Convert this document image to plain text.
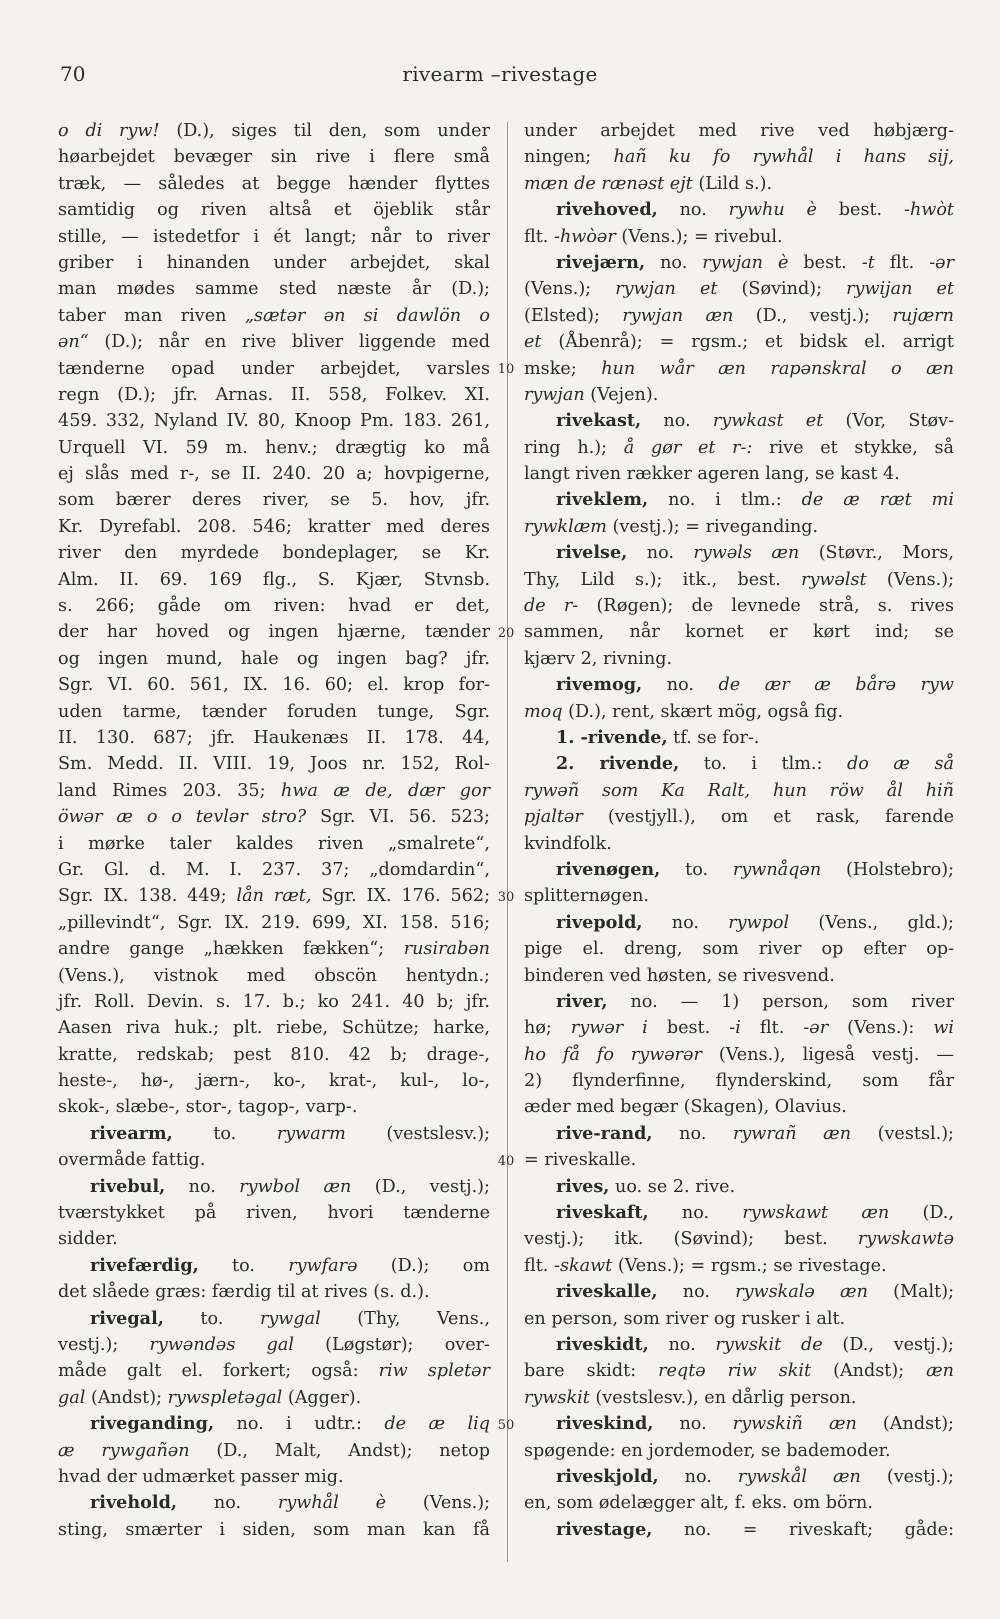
70	rivearm –rivestage
o di ryw! (D.), siges til den, som under
høarbejdet bevæger sin rive i flere små
træk, — således at begge hænder flyttes
samtidig og riven altså et öjeblik står
stille, — istedetfor i ét langt; når to river
griber i hinanden under arbejdet, skal
man mødes samme sted næste år (D.);
taber man riven „sætər ən si dawlön o
ən“ (D.); når en rive bliver liggende med
tænderne opad under arbejdet, varsles
regn (D.); jfr. Arnas. II. 558, Folkev. XI.
459. 332, Nyland IV. 80, Knoop Pm. 183. 261,
Urquell VI. 59 m. henv.; drægtig ko må
ej slås med r-, se II. 240. 20 a; hovpigerne,
som bærer deres river, se 5. hov, jfr.
Kr. Dyrefabl. 208. 546; kratter med deres
river den myrdede bondeplager, se Kr.
Alm. II. 69. 169 flg., S. Kjær, Stvnsb.
s. 266; gåde om riven: hvad er det,
der har hoved og ingen hjærne, tænder
og ingen mund, hale og ingen bag? jfr.
Sgr. VI. 60. 561, IX. 16. 60; el. krop for-
uden tarme, tænder foruden tunge, Sgr.
II. 130. 687; jfr. Haukenæs II. 178. 44,
Sm. Medd. II. VIII. 19, Joos nr. 152, Rol-
land Rimes 203. 35; hwa æ de, dær gor
öwər æ o o tevlər stro? Sgr. VI. 56. 523;
i mørke taler kaldes riven „smalrete“,
Gr. Gl. d. M. I. 237. 37; „domdardin“,
Sgr. IX. 138. 449; lån ræt, Sgr. IX. 176. 562;
„pillevindt“, Sgr. IX. 219. 699, XI. 158. 516;
andre gange „hækken fækken“; rusirabən
(Vens.), vistnok med obscön hentydn.;
jfr. Roll. Devin. s. 17. b.; ko 241. 40 b; jfr.
Aasen riva huk.; plt. riebe, Schütze; harke,
kratte, redskab; pest 810. 42 b; drage-,
heste-, hø-, jærn-, ko-, krat-, kul-, lo-,
skok-, slæbe-, stor-, tagop-, varp-.
rivearm, to. rywarm (vestslesv.);
overmåde fattig.
rivebul, no. rywbol æn (D., vestj.);
tværstykket på riven, hvori tænderne
sidder.
rivefærdig, to. rywfarə (D.); om
det slåede græs: færdig til at rives (s. d.).
rivegal, to. rywgal (Thy, Vens.,
vestj.); rywəndəs gal (Løgstør); over-
måde galt el. forkert; også: riw spletər
gal (Andst); rywspletəgal (Agger).
riveganding, no. i udtr.: de æ liq
æ rywgañən (D., Malt, Andst); netop
hvad der udmærket passer mig.
rivehold, no. rywhål è (Vens.);
sting, smærter i siden, som man kan få
under arbejdet med rive ved høbjærg-
ningen; hañ ku fo rywhål i hans sij,
mæn de rænəst ejt (Lild s.).
rivehoved, no. rywhu è best. -hwòt
flt. -hwòər (Vens.); = rivebul.
rivejærn, no. rywjan è best. -t flt. -ər
(Vens.); rywjan et (Søvind); rywijan et
(Elsted); rywjan æn (D., vestj.); rujærn
et (Åbenrå); = rgsm.; et bidsk el. arrigt
mske; hun wår æn rapənskral o æn
rywjan (Vejen).
rivekast, no. rywkast et (Vor, Støv-
ring h.); å gør et r-: rive et stykke, så
langt riven rækker ageren lang, se kast 4.
riveklem, no. i tlm.: de æ ræt mi
rywklæm (vestj.); = riveganding.
rivelse, no. rywəls æn (Støvr., Mors,
Thy, Lild s.); itk., best. rywəlst (Vens.);
de r- (Røgen); de levnede strå, s. rives
sammen, når kornet er kørt ind; se
kjærv 2, rivning.
rivemog, no. de ær æ bårə ryw
moq (D.), rent, skært mög, også fig.
1. -rivende, tf. se for-.
2. rivende, to. i tlm.: do æ så
rywəñ som Ka Ralt, hun röw ål hiñ
pjaltər (vestjyll.), om et rask, farende
kvindfolk.
rivenøgen, to. rywnåqən (Holstebro);
splitternøgen.
rivepold, no. rywpol (Vens., gld.);
pige el. dreng, som river op efter op-
binderen ved høsten, se rivesvend.
river, no. — 1) person, som river
hø; rywər i best. -i flt. -ər (Vens.): wi
ho få fo rywərər (Vens.), ligeså vestj. —
2) flynderfinne, flynderskind, som får
æder med begær (Skagen), Olavius.
rive-rand, no. rywrañ æn (vestsl.);
= riveskalle.
rives, uo. se 2. rive.
riveskaft, no. rywskawt æn (D.,
vestj.); itk. (Søvind); best. rywskawtə
flt. -skawt (Vens.); = rgsm.; se rivestage.
riveskalle, no. rywskalə æn (Malt);
en person, som river og rusker i alt.
riveskidt, no. rywskit de (D., vestj.);
bare skidt: reqtə riw skit (Andst); æn
rywskit (vestslesv.), en dårlig person.
riveskind, no. rywskiñ æn (Andst);
spøgende: en jordemoder, se bademoder.
riveskjold, no. rywskål æn (vestj.);
en, som ødelægger alt, f. eks. om börn.
rivestage, no. = riveskaft; gåde:
10
20
30
40
50
